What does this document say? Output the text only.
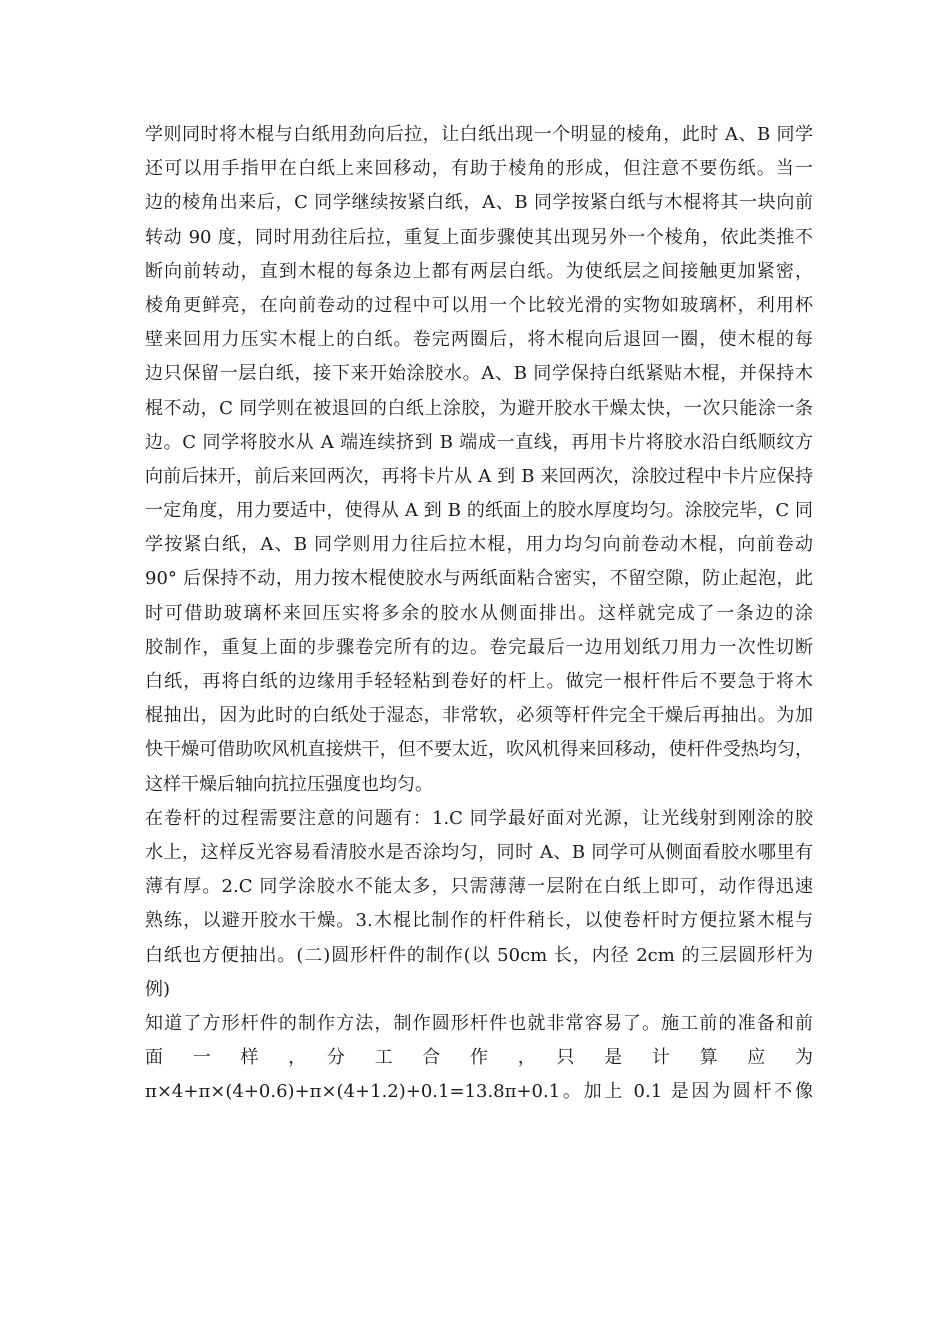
学则同时将木棍与白纸用劲向后拉，让白纸出现一个明显的棱角，此时 A、B 同学
还可以用手指甲在白纸上来回移动，有助于棱角的形成，但注意不要伤纸。当一
边的棱角出来后，C 同学继续按紧白纸，A、B 同学按紧白纸与木棍将其一块向前
转动 90 度，同时用劲往后拉，重复上面步骤使其出现另外一个棱角，依此类推不
断向前转动，直到木棍的每条边上都有两层白纸。为使纸层之间接触更加紧密，
棱角更鲜亮，在向前卷动的过程中可以用一个比较光滑的实物如玻璃杯，利用杯
壁来回用力压实木棍上的白纸。卷完两圈后，将木棍向后退回一圈，使木棍的每
边只保留一层白纸，接下来开始涂胶水。A、B 同学保持白纸紧贴木棍，并保持木
棍不动，C 同学则在被退回的白纸上涂胶，为避开胶水干燥太快，一次只能涂一条
边。C 同学将胶水从 A 端连续挤到 B 端成一直线，再用卡片将胶水沿白纸顺纹方
向前后抹开，前后来回两次，再将卡片从 A 到 B 来回两次，涂胶过程中卡片应保持
一定角度，用力要适中，使得从 A 到 B 的纸面上的胶水厚度均匀。涂胶完毕，C 同
学按紧白纸，A、B 同学则用力往后拉木棍，用力均匀向前卷动木棍，向前卷动
90° 后保持不动，用力按木棍使胶水与两纸面粘合密实，不留空隙，防止起泡，此
时可借助玻璃杯来回压实将多余的胶水从侧面排出。这样就完成了一条边的涂
胶制作，重复上面的步骤卷完所有的边。卷完最后一边用划纸刀用力一次性切断
白纸，再将白纸的边缘用手轻轻粘到卷好的杆上。做完一根杆件后不要急于将木
棍抽出，因为此时的白纸处于湿态，非常软，必须等杆件完全干燥后再抽出。为加
快干燥可借助吹风机直接烘干，但不要太近，吹风机得来回移动，使杆件受热均匀，
这样干燥后轴向抗拉压强度也均匀。
在卷杆的过程需要注意的问题有：1.C 同学最好面对光源，让光线射到刚涂的胶
水上，这样反光容易看清胶水是否涂均匀，同时 A、B 同学可从侧面看胶水哪里有
薄有厚。2.C 同学涂胶水不能太多，只需薄薄一层附在白纸上即可，动作得迅速
熟练，以避开胶水干燥。3.木棍比制作的杆件稍长，以使卷杆时方便拉紧木棍与
白纸也方便抽出。(二)圆形杆件的制作(以 50cm 长，内径 2cm 的三层圆形杆为
例)
知道了方形杆件的制作方法，制作圆形杆件也就非常容易了。施工前的准备和前
面　一　样　，　分　工　合　作　，　只　是　计　算　应　为
π×4+π×(4+0.6)+π×(4+1.2)+0.1=13.8π+0.1。加上 0.1 是因为圆杆不像
